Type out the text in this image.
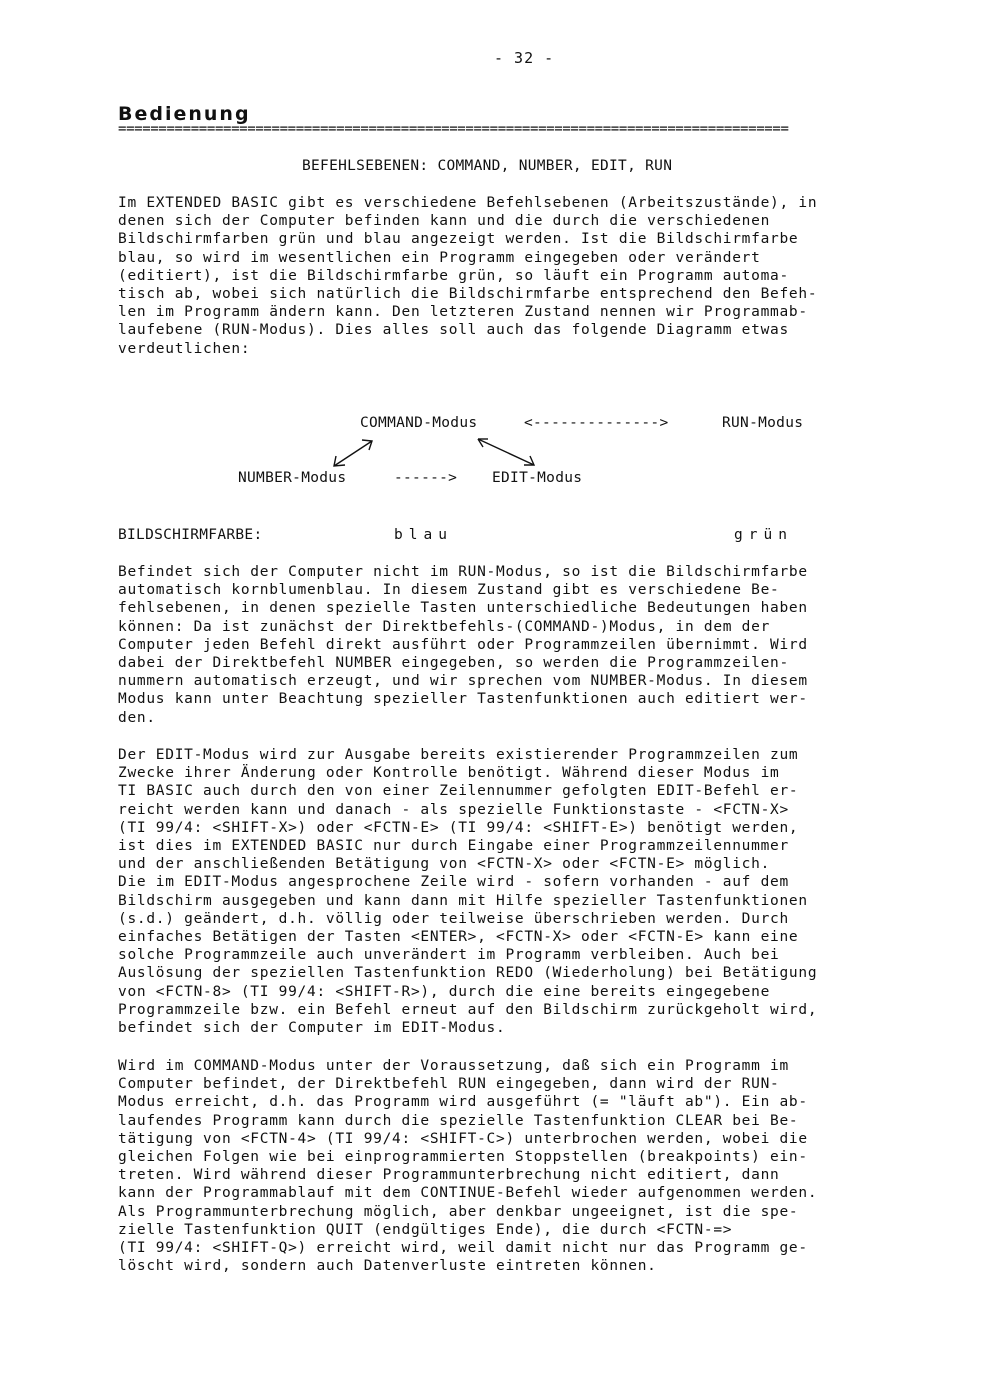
- 32 -
Bedienung
===================================================================================
BEFEHLSEBENEN: COMMAND, NUMBER, EDIT, RUN

Im EXTENDED BASIC gibt es verschiedene Befehlsebenen (Arbeitszustände), in
denen sich der Computer befinden kann und die durch die verschiedenen
Bildschirmfarben grün und blau angezeigt werden. Ist die Bildschirmfarbe
blau, so wird im wesentlichen ein Programm eingegeben oder verändert
(editiert), ist die Bildschirmfarbe grün, so läuft ein Programm automa-
tisch ab, wobei sich natürlich die Bildschirmfarbe entsprechend den Befeh-
len im Programm ändern kann. Den letzteren Zustand nennen wir Programmab-
laufebene (RUN-Modus). Dies alles soll auch das folgende Diagramm etwas
verdeutlichen:

COMMAND-Modus	<-------------->	RUN-Modus
NUMBER-Modus	------> EDIT-Modus
BILDSCHIRMFARBE:	blau	grün

Befindet sich der Computer nicht im RUN-Modus, so ist die Bildschirmfarbe
automatisch kornblumenblau. In diesem Zustand gibt es verschiedene Be-
fehlsebenen, in denen spezielle Tasten unterschiedliche Bedeutungen haben
können: Da ist zunächst der Direktbefehls-(COMMAND-)Modus, in dem der
Computer jeden Befehl direkt ausführt oder Programmzeilen übernimmt. Wird
dabei der Direktbefehl NUMBER eingegeben, so werden die Programmzeilen-
nummern automatisch erzeugt, und wir sprechen vom NUMBER-Modus. In diesem
Modus kann unter Beachtung spezieller Tastenfunktionen auch editiert wer-
den.

Der EDIT-Modus wird zur Ausgabe bereits existierender Programmzeilen zum
Zwecke ihrer Änderung oder Kontrolle benötigt. Während dieser Modus im
TI BASIC auch durch den von einer Zeilennummer gefolgten EDIT-Befehl er-
reicht werden kann und danach - als spezielle Funktionstaste - <FCTN-X>
(TI 99/4: <SHIFT-X>) oder <FCTN-E> (TI 99/4: <SHIFT-E>) benötigt werden,
ist dies im EXTENDED BASIC nur durch Eingabe einer Programmzeilennummer
und der anschließenden Betätigung von <FCTN-X> oder <FCTN-E> möglich.
Die im EDIT-Modus angesprochene Zeile wird - sofern vorhanden - auf dem
Bildschirm ausgegeben und kann dann mit Hilfe spezieller Tastenfunktionen
(s.d.) geändert, d.h. völlig oder teilweise überschrieben werden. Durch
einfaches Betätigen der Tasten <ENTER>, <FCTN-X> oder <FCTN-E> kann eine
solche Programmzeile auch unverändert im Programm verbleiben. Auch bei
Auslösung der speziellen Tastenfunktion REDO (Wiederholung) bei Betätigung
von <FCTN-8> (TI 99/4: <SHIFT-R>), durch die eine bereits eingegebene
Programmzeile bzw. ein Befehl erneut auf den Bildschirm zurückgeholt wird,
befindet sich der Computer im EDIT-Modus.

Wird im COMMAND-Modus unter der Voraussetzung, daß sich ein Programm im
Computer befindet, der Direktbefehl RUN eingegeben, dann wird der RUN-
Modus erreicht, d.h. das Programm wird ausgeführt (= "läuft ab"). Ein ab-
laufendes Programm kann durch die spezielle Tastenfunktion CLEAR bei Be-
tätigung von <FCTN-4> (TI 99/4: <SHIFT-C>) unterbrochen werden, wobei die
gleichen Folgen wie bei einprogrammierten Stoppstellen (breakpoints) ein-
treten. Wird während dieser Programmunterbrechung nicht editiert, dann
kann der Programmablauf mit dem CONTINUE-Befehl wieder aufgenommen werden.
Als Programmunterbrechung möglich, aber denkbar ungeeignet, ist die spe-
zielle Tastenfunktion QUIT (endgültiges Ende), die durch <FCTN-=>
(TI 99/4: <SHIFT-Q>) erreicht wird, weil damit nicht nur das Programm ge-
löscht wird, sondern auch Datenverluste eintreten können.
